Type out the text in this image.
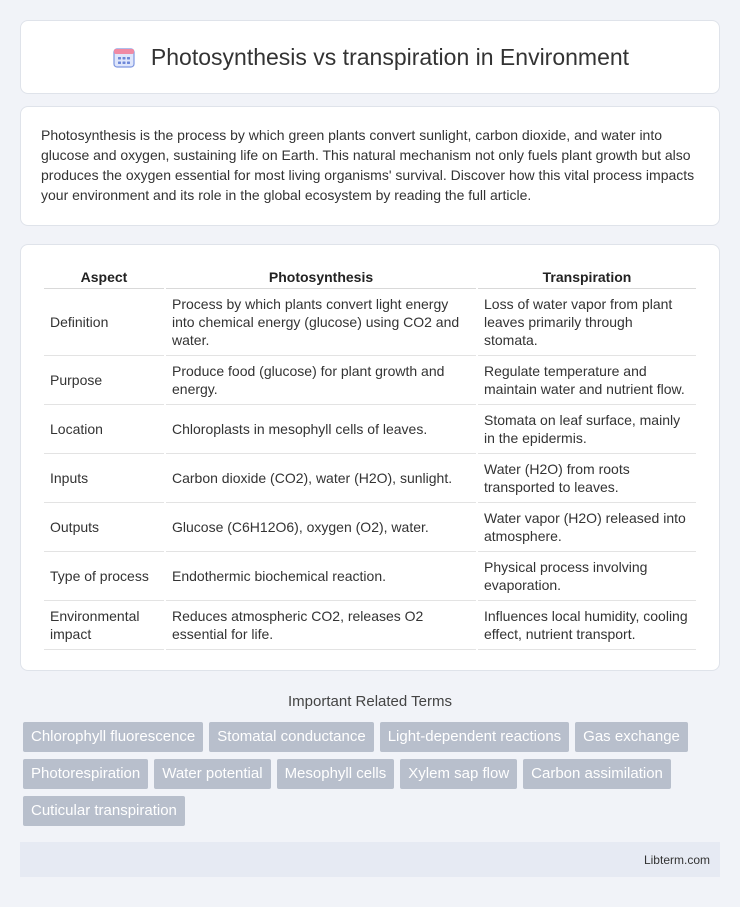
Photosynthesis vs transpiration in Environment

Photosynthesis is the process by which green plants convert sunlight, carbon dioxide, and water into glucose and oxygen, sustaining life on Earth. This natural mechanism not only fuels plant growth but also produces the oxygen essential for most living organisms' survival. Discover how this vital process impacts your environment and its role in the global ecosystem by reading the full article.

Aspect	Photosynthesis	Transpiration
Definition	Process by which plants convert light energy into chemical energy (glucose) using CO2 and water.	Loss of water vapor from plant leaves primarily through stomata.
Purpose	Produce food (glucose) for plant growth and energy.	Regulate temperature and maintain water and nutrient flow.
Location	Chloroplasts in mesophyll cells of leaves.	Stomata on leaf surface, mainly in the epidermis.
Inputs	Carbon dioxide (CO2), water (H2O), sunlight.	Water (H2O) from roots transported to leaves.
Outputs	Glucose (C6H12O6), oxygen (O2), water.	Water vapor (H2O) released into atmosphere.
Type of process	Endothermic biochemical reaction.	Physical process involving evaporation.
Environmental impact	Reduces atmospheric CO2, releases O2 essential for life.	Influences local humidity, cooling effect, nutrient transport.
Important Related Terms
Chlorophyll fluorescence	Stomatal conductance	Light-dependent reactions	Gas exchange
Photorespiration	Water potential	Mesophyll cells	Xylem sap flow	Carbon assimilation
Cuticular transpiration
Libterm.com
